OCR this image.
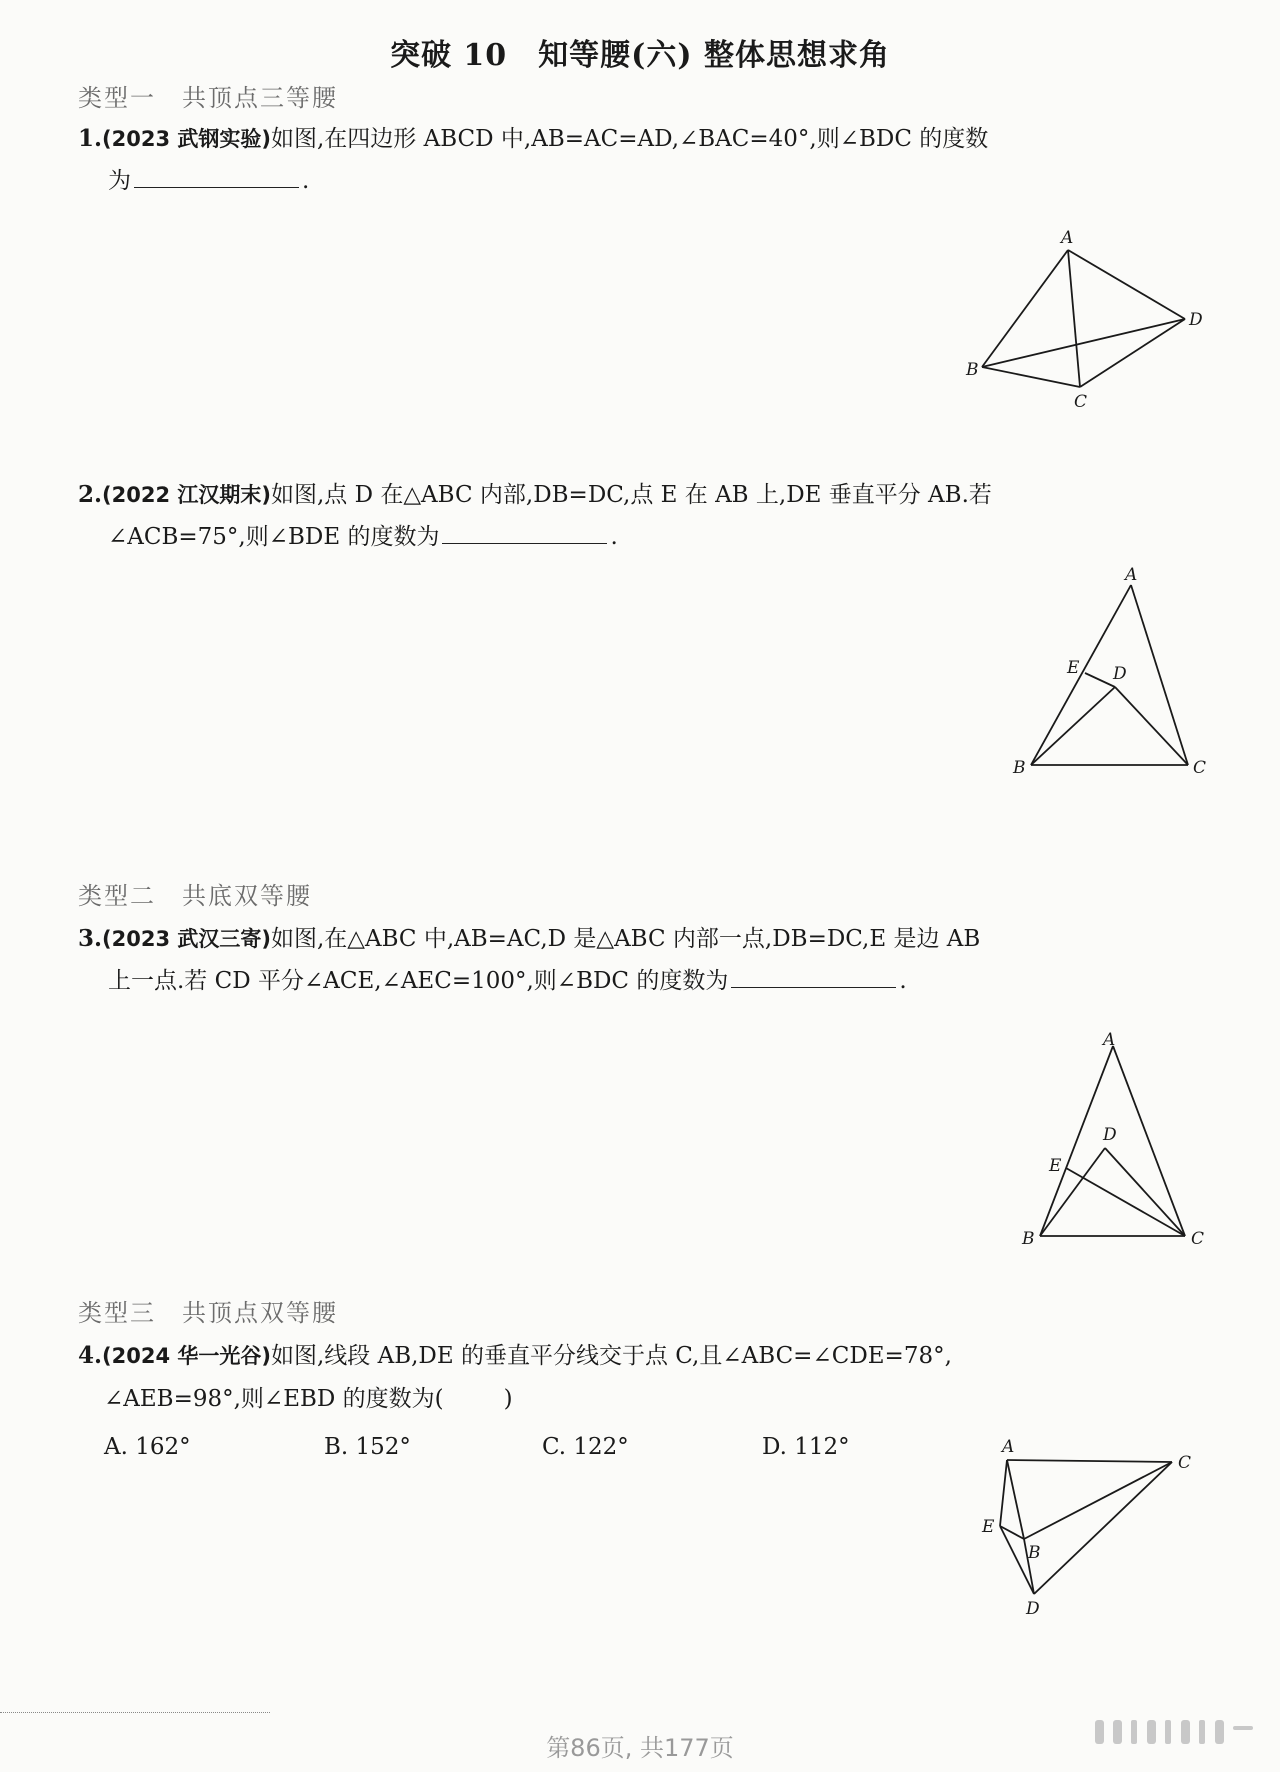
突破 10　知等腰(六) 整体思想求角
类型一　共顶点三等腰
1.(2023 武钢实验)如图,在四边形 ABCD 中,AB=AC=AD,∠BAC=40°,则∠BDC 的度数
为	.
A
B
C
D
2.(2022 江汉期末)如图,点 D 在△ABC 内部,DB=DC,点 E 在 AB 上,DE 垂直平分 AB.若
∠ACB=75°,则∠BDE 的度数为	.
A
B	C
D
E
类型二　共底双等腰
3.(2023 武汉三寄)如图,在△ABC 中,AB=AC,D 是△ABC 内部一点,DB=DC,E 是边 AB
上一点.若 CD 平分∠ACE,∠AEC=100°,则∠BDC 的度数为	.
A
B	C
D
E
类型三　共顶点双等腰
4.(2024 华一光谷)如图,线段 AB,DE 的垂直平分线交于点 C,且∠ABC=∠CDE=78°,
∠AEB=98°,则∠EBD 的度数为(	)
A. 162°	B. 152°	C. 122°	D. 112°	A
B
C
D
E
第86页, 共177页
